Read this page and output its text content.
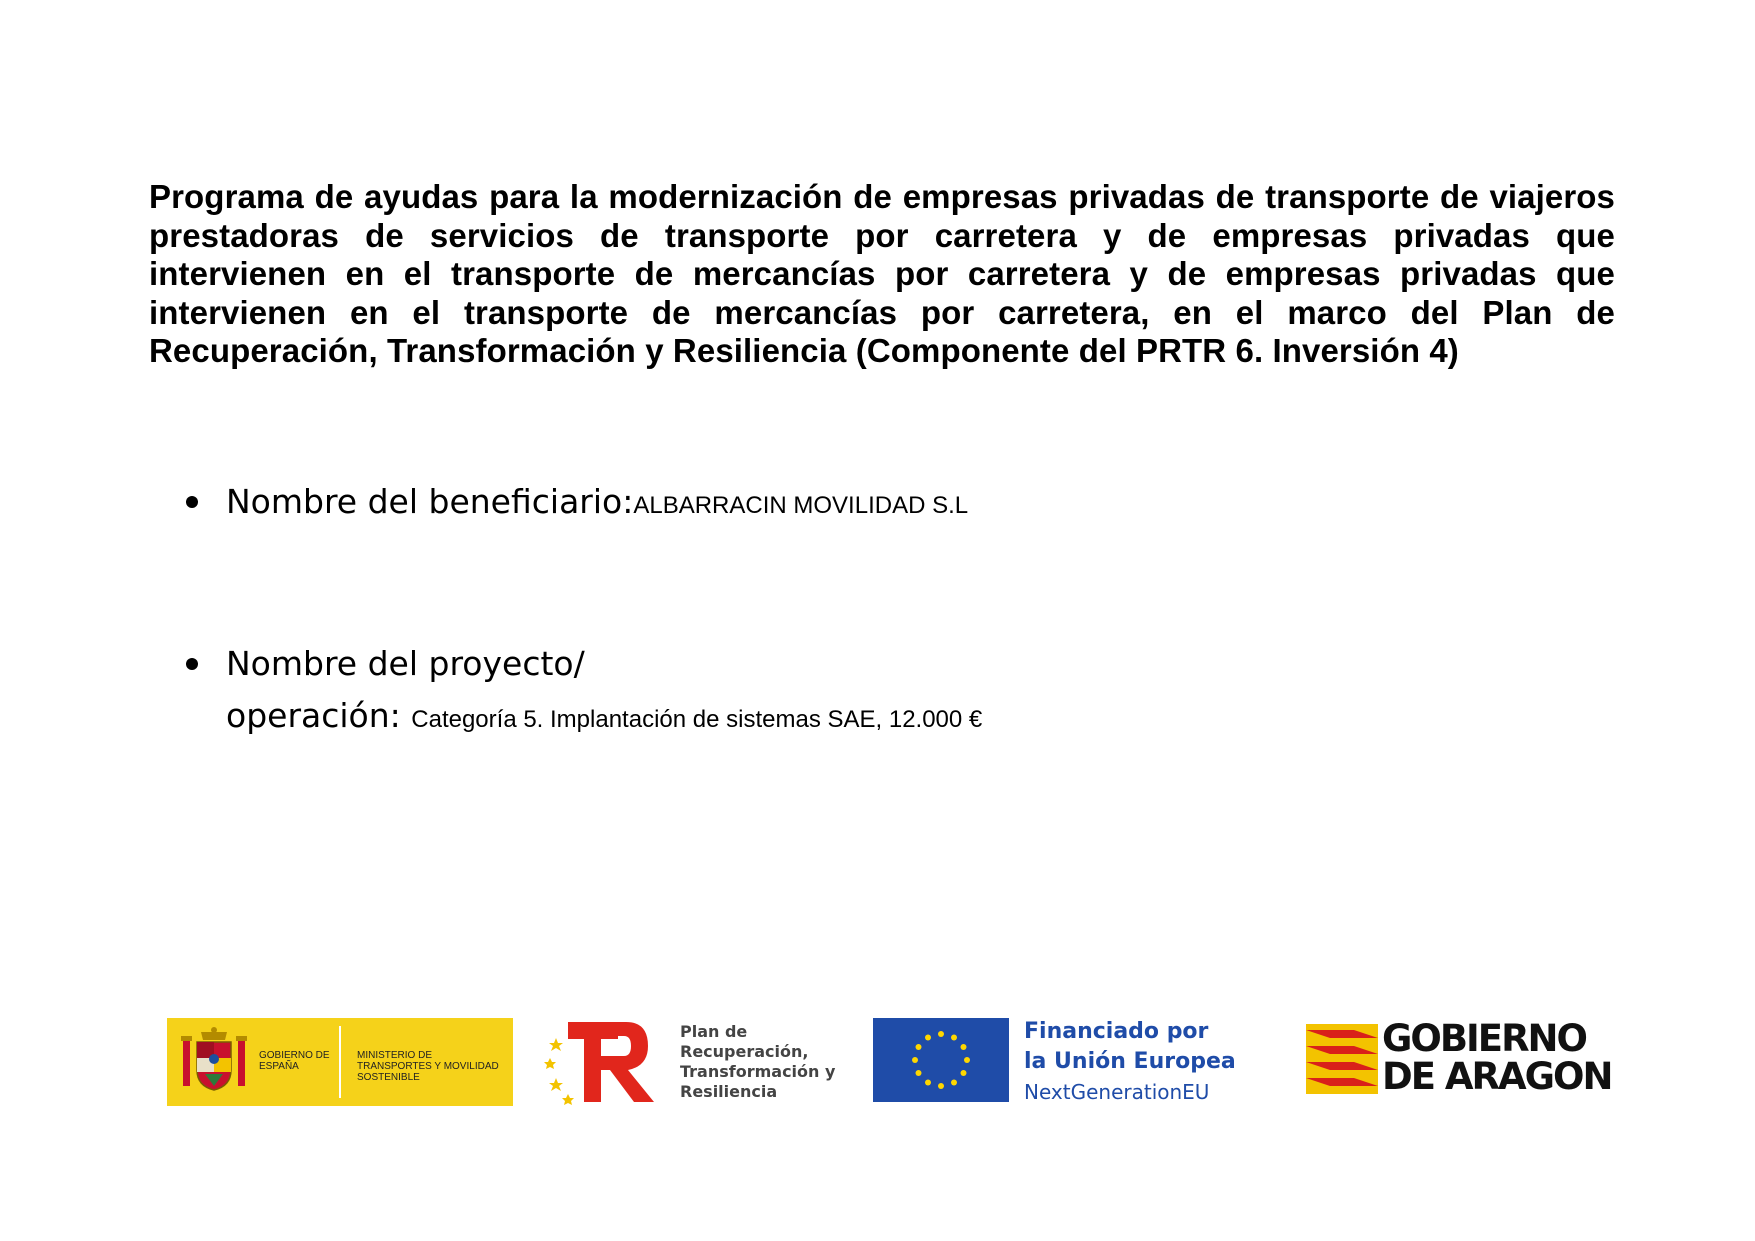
Programa de ayudas para la modernización de empresas privadas de transporte de viajeros prestadoras de servicios de transporte por carretera y de empresas privadas que intervienen en el transporte de mercancías por carretera y de empresas privadas que intervienen en el transporte de mercancías por carretera, en el marco del Plan de Recuperación, Transformación y Resiliencia (Componente del PRTR 6. Inversión 4)

Nombre del beneficiario:ALBARRACIN MOVILIDAD S.L
Nombre del proyecto/
operación: Categoría 5. Implantación de sistemas SAE, 12.000 €
GOBIERNO DE ESPAÑA
MINISTERIO DE TRANSPORTES Y MOVILIDAD SOSTENIBLE
Plan de Recuperación, Transformación y Resiliencia
Financiado por
la Unión Europea
NextGenerationEU
GOBIERNO
DE ARAGON
